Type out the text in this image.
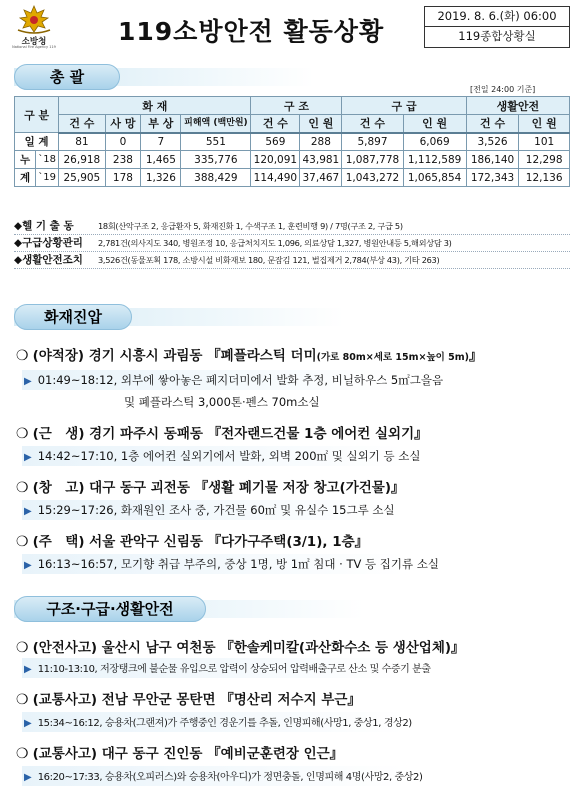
소방청
National Fire Agency 119
119소방안전 활동상황
2019. 8. 6.(화) 06:00
119종합상황실
총 괄
[전일 24:00 기준]
구 분		화 재				구 조		구 급		생활안전	
		건 수	사 망	부 상	피해액 (백만원)	건 수	인 원	건 수	인 원	건 수	인 원
일 계		81	0	7	551	569	288	5,897	6,069	3,526	101
누	`18	26,918	238	1,465	335,776	120,091	43,981	1,087,778	1,112,589	186,140	12,298
계	`19	25,905	178	1,326	388,429	114,490	37,467	1,043,272	1,065,854	172,343	12,136
◆헬 기 출 동	18회(산악구조 2, 응급환자 5, 화재진화 1, 수색구조 1, 훈련비행 9) / 7명(구조 2, 구급 5)
◆구급상황관리 2,781건(의사지도 340, 병원조정 10, 응급처치지도 1,096, 의료상담 1,327, 병원안내등 5,해외상담 3)
◆생활안전조치 3,526건(동물포획 178, 소방시설 비화재보 180, 문잠김 121, 벌집제거 2,784(부상 43), 기타 263)
화재진압
❍ (야적장) 경기 시흥시 과림동 『폐플라스틱 더미(가로 80m×세로 15m×높이 5m)』
▶ 01:49~18:12, 외부에 쌓아놓은 폐지더미에서 발화 추정, 비닐하우스 5㎡그을음
및 폐플라스틱 3,000톤·펜스 70m소실
❍ (근　생) 경기 파주시 동패동 『전자랜드건물 1층 에어컨 실외기』
▶ 14:42~17:10, 1층 에어컨 실외기에서 발화, 외벽 200㎡ 및 실외기 등 소실
❍ (창　고) 대구 동구 괴전동 『생활 폐기물 저장 창고(가건물)』
▶ 15:29~17:26, 화재원인 조사 중, 가건물 60㎡ 및 유실수 15그루 소실
❍ (주　택) 서울 관악구 신림동 『다가구주택(3/1), 1층』
▶ 16:13~16:57, 모기향 취급 부주의, 중상 1명, 방 1㎡ 침대 · TV 등 집기류 소실
구조·구급·생활안전
❍ (안전사고) 울산시 남구 여천동 『한솔케미칼(과산화수소 등 생산업체)』
▶ 11:10-13:10, 저장탱크에 불순물 유입으로 압력이 상승되어 압력배출구로 산소 및 수증기 분출
❍ (교통사고) 전남 무안군 몽탄면 『명산리 저수지 부근』
▶ 15:34~16:12, 승용차(그랜져)가 주행중인 경운기를 추돌, 인명피해(사망1, 중상1, 경상2)
❍ (교통사고) 대구 동구 진인동 『예비군훈련장 인근』
▶ 16:20~17:33, 승용차(오피러스)와 승용차(아우디)가 정면충돌, 인명피해 4명(사망2, 중상2)
